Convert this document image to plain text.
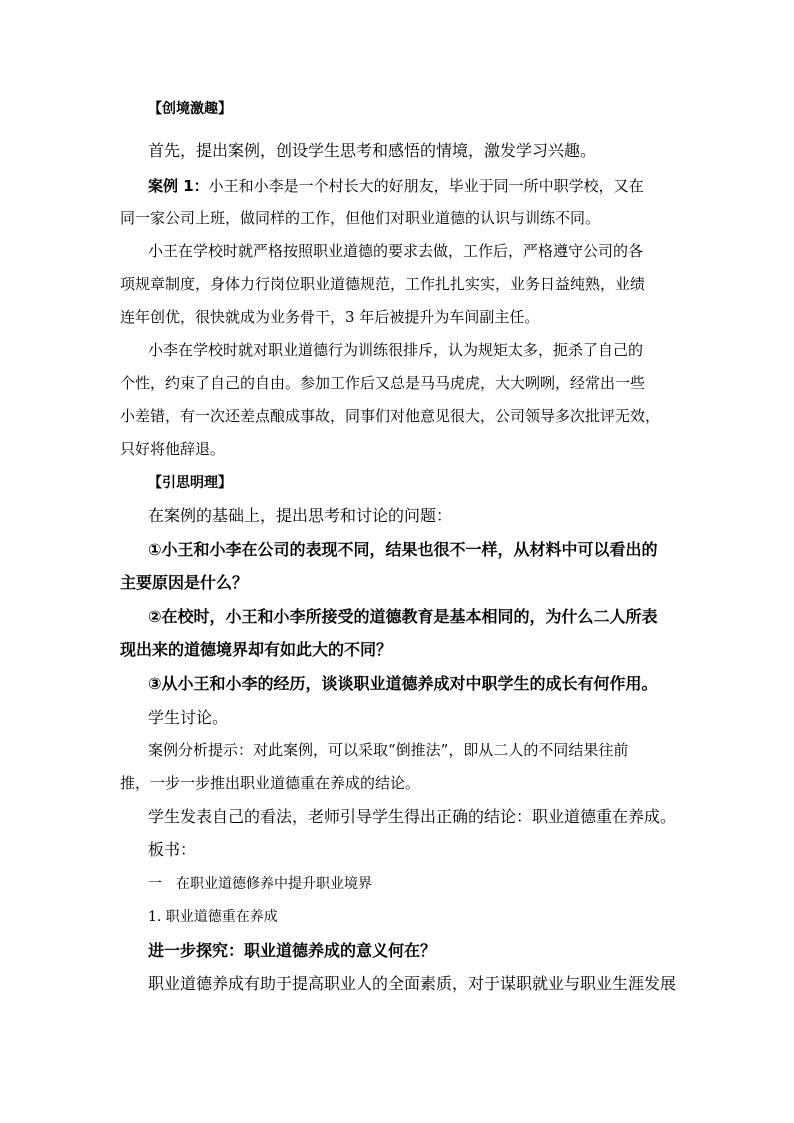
【创境激趣】
首先，提出案例，创设学生思考和感悟的情境，激发学习兴趣。
案例 1：小王和小李是一个村长大的好朋友，毕业于同一所中职学校，又在
同一家公司上班，做同样的工作，但他们对职业道德的认识与训练不同。
小王在学校时就严格按照职业道德的要求去做，工作后，严格遵守公司的各
项规章制度，身体力行岗位职业道德规范，工作扎扎实实，业务日益纯熟，业绩
连年创优，很快就成为业务骨干，3 年后被提升为车间副主任。
小李在学校时就对职业道德行为训练很排斥，认为规矩太多，扼杀了自己的
个性，约束了自己的自由。参加工作后又总是马马虎虎，大大咧咧，经常出一些
小差错，有一次还差点酿成事故，同事们对他意见很大，公司领导多次批评无效，
只好将他辞退。
【引思明理】
在案例的基础上，提出思考和讨论的问题：
①小王和小李在公司的表现不同，结果也很不一样，从材料中可以看出的
主要原因是什么？
②在校时，小王和小李所接受的道德教育是基本相同的，为什么二人所表
现出来的道德境界却有如此大的不同？
③从小王和小李的经历，谈谈职业道德养成对中职学生的成长有何作用。
学生讨论。
案例分析提示：对此案例，可以采取“倒推法”，即从二人的不同结果往前
推，一步一步推出职业道德重在养成的结论。
学生发表自己的看法，老师引导学生得出正确的结论：职业道德重在养成。
板书：
一　在职业道德修养中提升职业境界
1. 职业道德重在养成
进一步探究：职业道德养成的意义何在？
职业道德养成有助于提高职业人的全面素质，对于谋职就业与职业生涯发展
